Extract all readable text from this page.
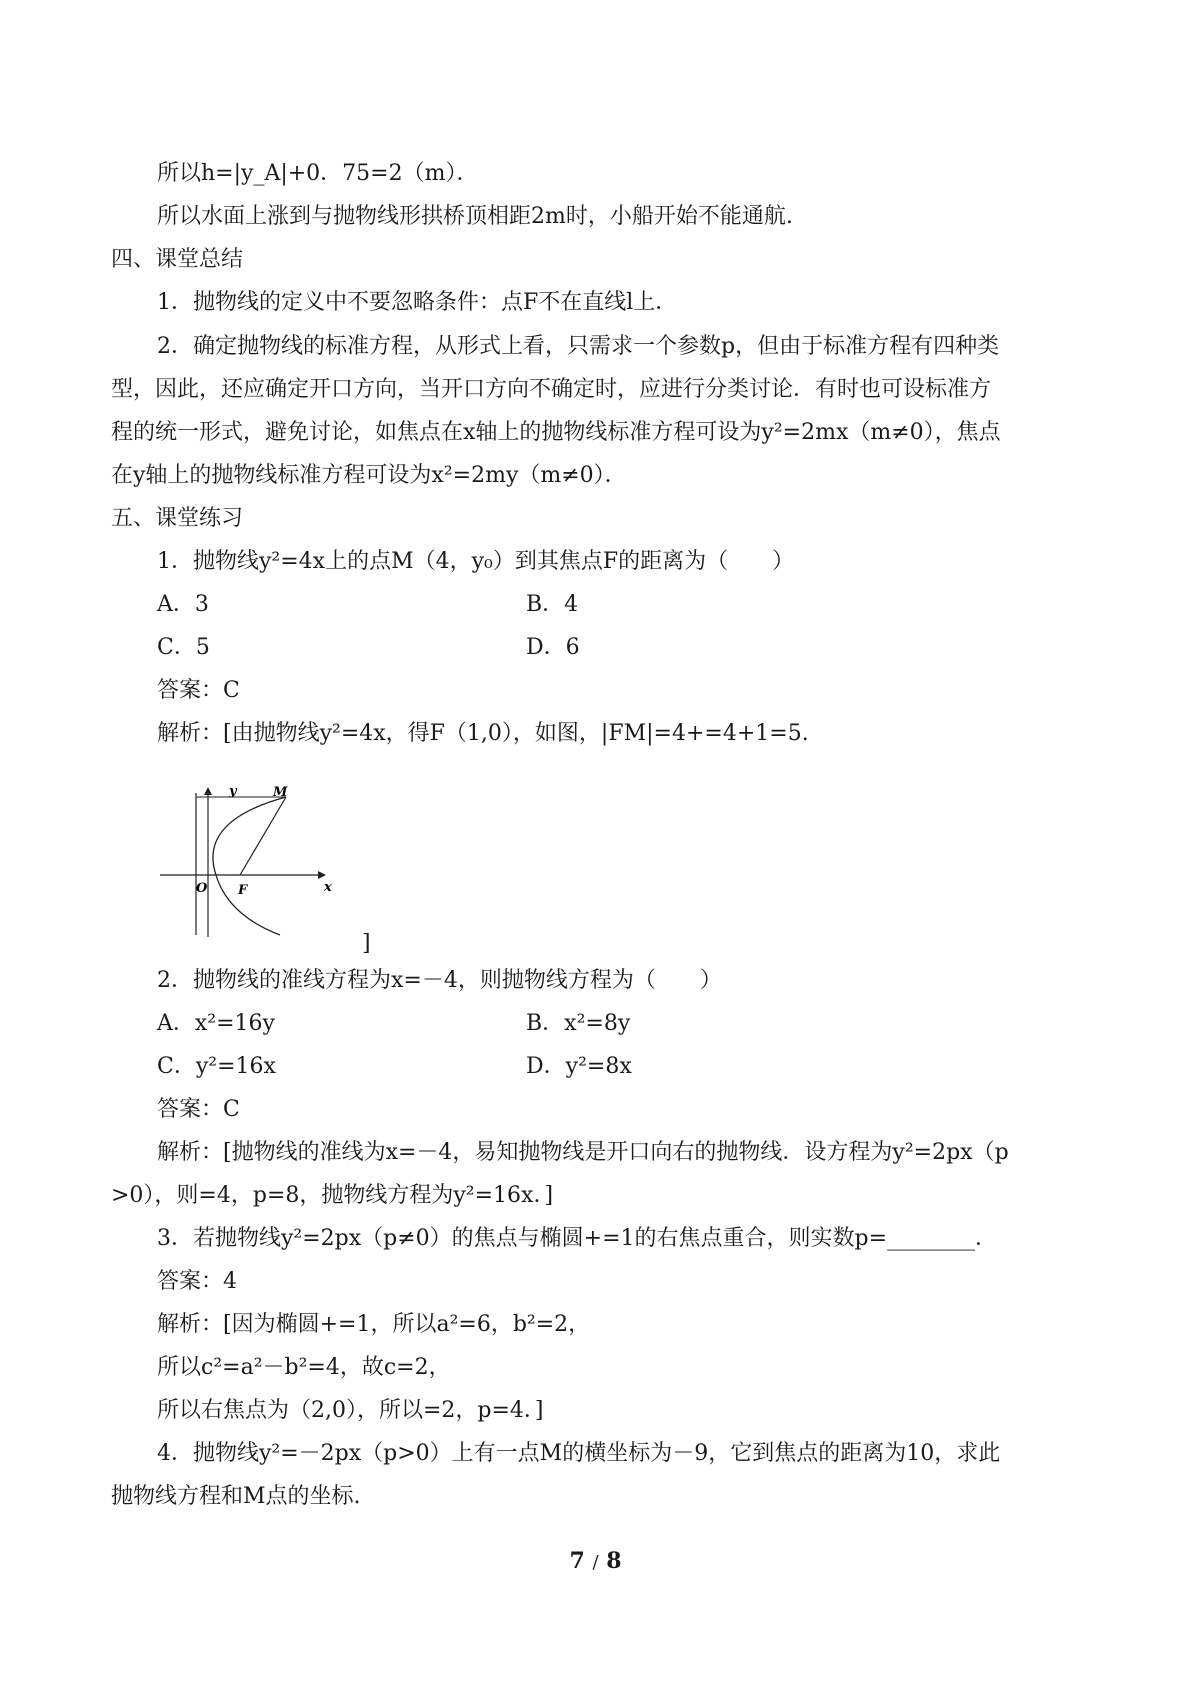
所以h=|y_A|+0．75=2（m）．
所以水面上涨到与抛物线形拱桥顶相距2m时，小船开始不能通航.
四、课堂总结
1．抛物线的定义中不要忽略条件：点F不在直线l上．
2．确定抛物线的标准方程，从形式上看，只需求一个参数p，但由于标准方程有四种类
型，因此，还应确定开口方向，当开口方向不确定时，应进行分类讨论．有时也可设标准方
程的统一形式，避免讨论，如焦点在x轴上的抛物线标准方程可设为y²=2mx（m≠0），焦点
在y轴上的抛物线标准方程可设为x²=2my（m≠0）．
五、课堂练习
1．抛物线y²=4x上的点M（4，y₀）到其焦点F的距离为（　　）
A．3	B．4
C．5	D．6
答案：C
解析：[由抛物线y²=4x，得F（1,0），如图，|FM|=4+=4+1=5.
y
x
O F
M
]
2．抛物线的准线方程为x=－4，则抛物线方程为（　　）
A．x²=16y	B．x²=8y
C．y²=16x	D．y²=8x
答案：C
解析：[抛物线的准线为x=－4，易知抛物线是开口向右的抛物线．设方程为y²=2px（p
>0），则=4，p=8，抛物线方程为y²=16x．]
3．若抛物线y²=2px（p≠0）的焦点与椭圆+=1的右焦点重合，则实数p=________．
答案：4
解析：[因为椭圆+=1，所以a²=6，b²=2，
所以c²=a²－b²=4，故c=2，
所以右焦点为（2,0），所以=2，p=4．]
4．抛物线y²=－2px（p>0）上有一点M的横坐标为－9，它到焦点的距离为10，求此
抛物线方程和M点的坐标.
7 / 8
